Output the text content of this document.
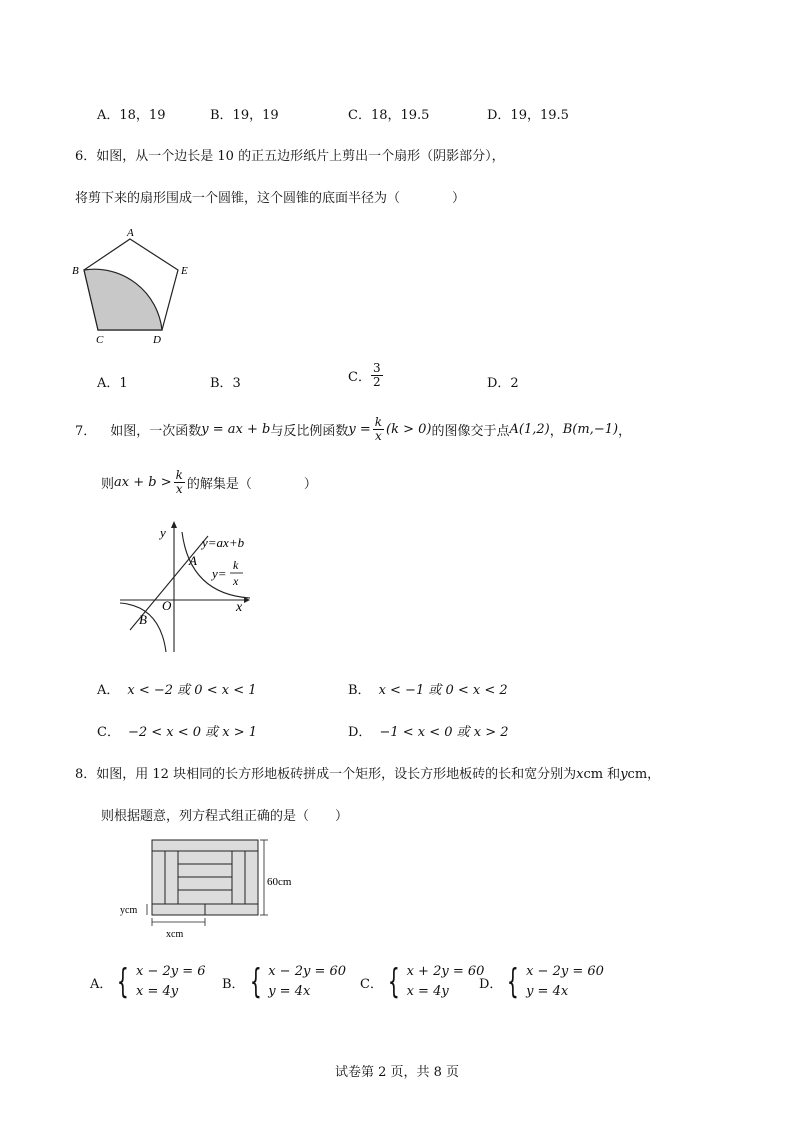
A．18，19	B．19，19	C．18，19.5	D．19，19.5
6．如图，从一个边长是 10 的正五边形纸片上剪出一个扇形（阴影部分），
将剪下来的扇形围成一个圆锥，这个圆锥的底面半径为（　　　　）
A
B	E
C	D
A．1	B．3	C． $\frac{3}{2}$	D．2
7． 如图，一次函数 y = ax + b 与反比例函数 $y = \frac{k}{x} (k > 0)$ 的图像交于点 A(1,2) ， B(m,−1) ，
则 ax + $b > \frac{k}{x}$ 的解集是（　　　　）
y
x
O
A
B
y=ax+b
y=
k
x
A． x < −2 或 0 < x < 1	B． x < −1 或 0 < x < 2
C． −2 < x < 0 或 x > 1	D． −1 < x < 0 或 x > 2
8．如图，用 12 块相同的长方形地板砖拼成一个矩形，设长方形地板砖的长和宽分别为xcm 和ycm，
则根据题意，列方程式组正确的是（　　）
60cm
ycm
xcm
A． { x − 2y = 6
x = 4y	B． { x − 2y = 60
y = 4x	C． { x + 2y = 60
x = 4y	D． { x − 2y = 60
y = 4x
试卷第 2 页，共 8 页
